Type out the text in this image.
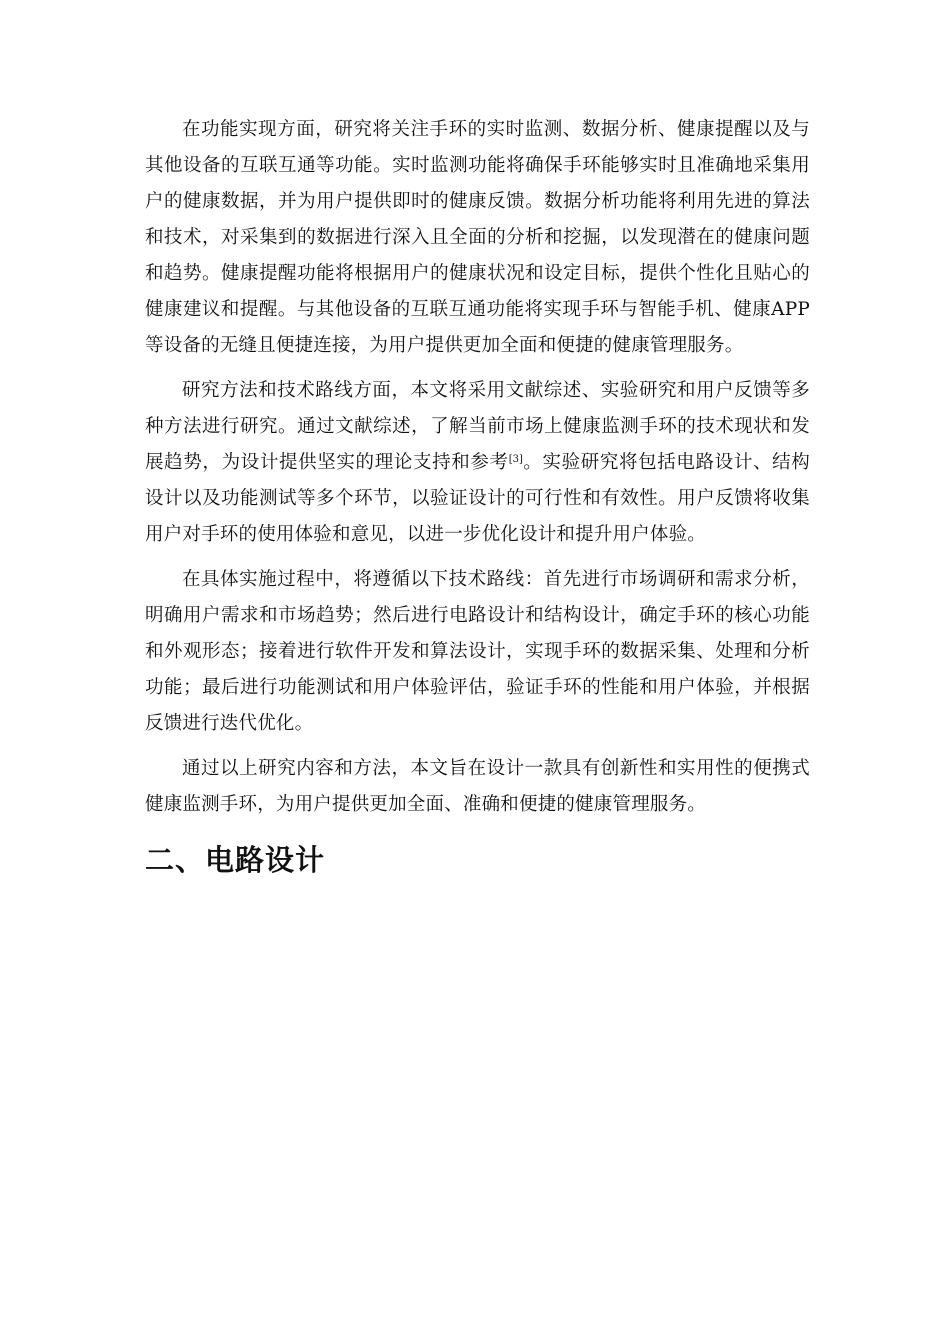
在功能实现方面，研究将关注手环的实时监测、数据分析、健康提醒以及与其他设备的互联互通等功能。实时监测功能将确保手环能够实时且准确地采集用户的健康数据，并为用户提供即时的健康反馈。数据分析功能将利用先进的算法和技术，对采集到的数据进行深入且全面的分析和挖掘，以发现潜在的健康问题和趋势。健康提醒功能将根据用户的健康状况和设定目标，提供个性化且贴心的健康建议和提醒。与其他设备的互联互通功能将实现手环与智能手机、健康APP等设备的无缝且便捷连接，为用户提供更加全面和便捷的健康管理服务。

研究方法和技术路线方面，本文将采用文献综述、实验研究和用户反馈等多种方法进行研究。通过文献综述，了解当前市场上健康监测手环的技术现状和发展趋势，为设计提供坚实的理论支持和参考[3]。实验研究将包括电路设计、结构设计以及功能测试等多个环节，以验证设计的可行性和有效性。用户反馈将收集用户对手环的使用体验和意见，以进一步优化设计和提升用户体验。

在具体实施过程中，将遵循以下技术路线：首先进行市场调研和需求分析，明确用户需求和市场趋势；然后进行电路设计和结构设计，确定手环的核心功能和外观形态；接着进行软件开发和算法设计，实现手环的数据采集、处理和分析功能；最后进行功能测试和用户体验评估，验证手环的性能和用户体验，并根据反馈进行迭代优化。

通过以上研究内容和方法，本文旨在设计一款具有创新性和实用性的便携式健康监测手环，为用户提供更加全面、准确和便捷的健康管理服务。

二、电路设计
